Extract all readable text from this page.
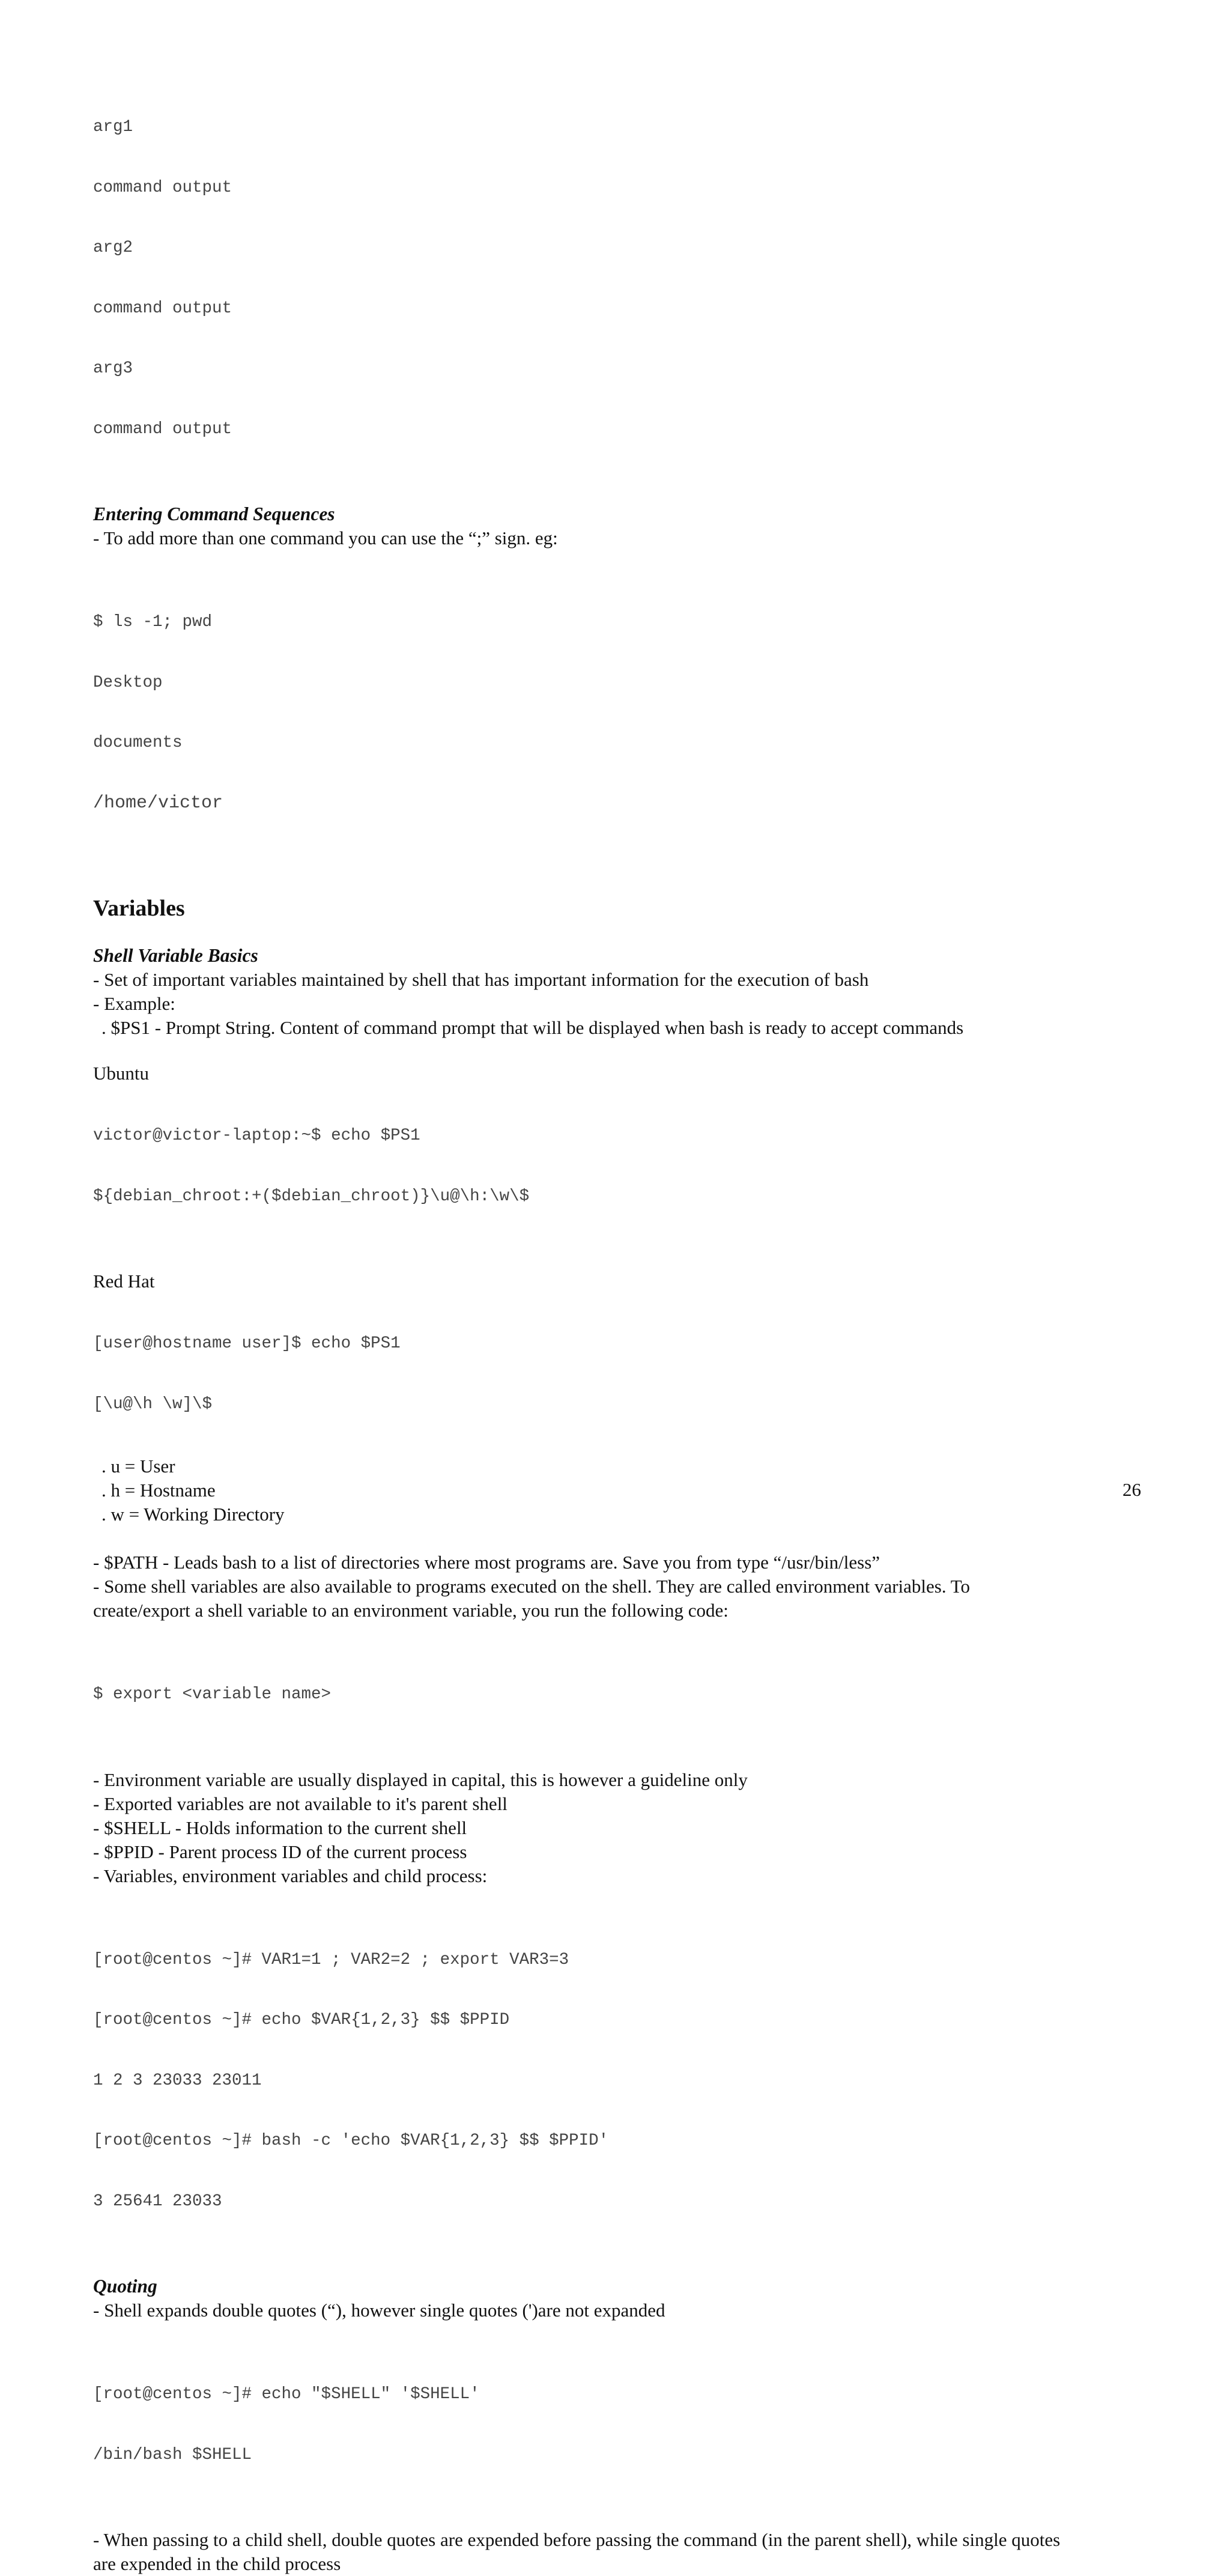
arg1

command output

arg2

command output

arg3

command output

Entering Command Sequences
- To add more than one command you can use the “;” sign. eg:

$ ls -1; pwd

Desktop

documents

/home/victor

Variables
Shell Variable Basics
- Set of important variables maintained by shell that has important information for the execution of bash
- Example:
. $PS1 - Prompt String. Content of command prompt that will be displayed when bash is ready to accept commands
Ubuntu

victor@victor-laptop:~$ echo $PS1

${debian_chroot:+($debian_chroot)}\u@\h:\w\$

Red Hat

[user@hostname user]$ echo $PS1

[\u@\h \w]\$

. u = User
. h = Hostname
. w = Working Directory
- $PATH - Leads bash to a list of directories where most programs are. Save you from type “/usr/bin/less”
- Some shell variables are also available to programs executed on the shell. They are called environment variables. To
create/export a shell variable to an environment variable, you run the following code:

$ export <variable name>

- Environment variable are usually displayed in capital, this is however a guideline only
- Exported variables are not available to it's parent shell
- $SHELL - Holds information to the current shell
- $PPID - Parent process ID of the current process
- Variables, environment variables and child process:

[root@centos ~]# VAR1=1 ; VAR2=2 ; export VAR3=3

[root@centos ~]# echo $VAR{1,2,3} $$ $PPID

1 2 3 23033 23011

[root@centos ~]# bash -c 'echo $VAR{1,2,3} $$ $PPID'

3 25641 23033

Quoting
- Shell expands double quotes (“), however single quotes (')are not expanded

[root@centos ~]# echo "$SHELL" '$SHELL'

/bin/bash $SHELL

- When passing to a child shell, double quotes are expended before passing the command (in the parent shell), while single quotes
are expended in the child process
26
